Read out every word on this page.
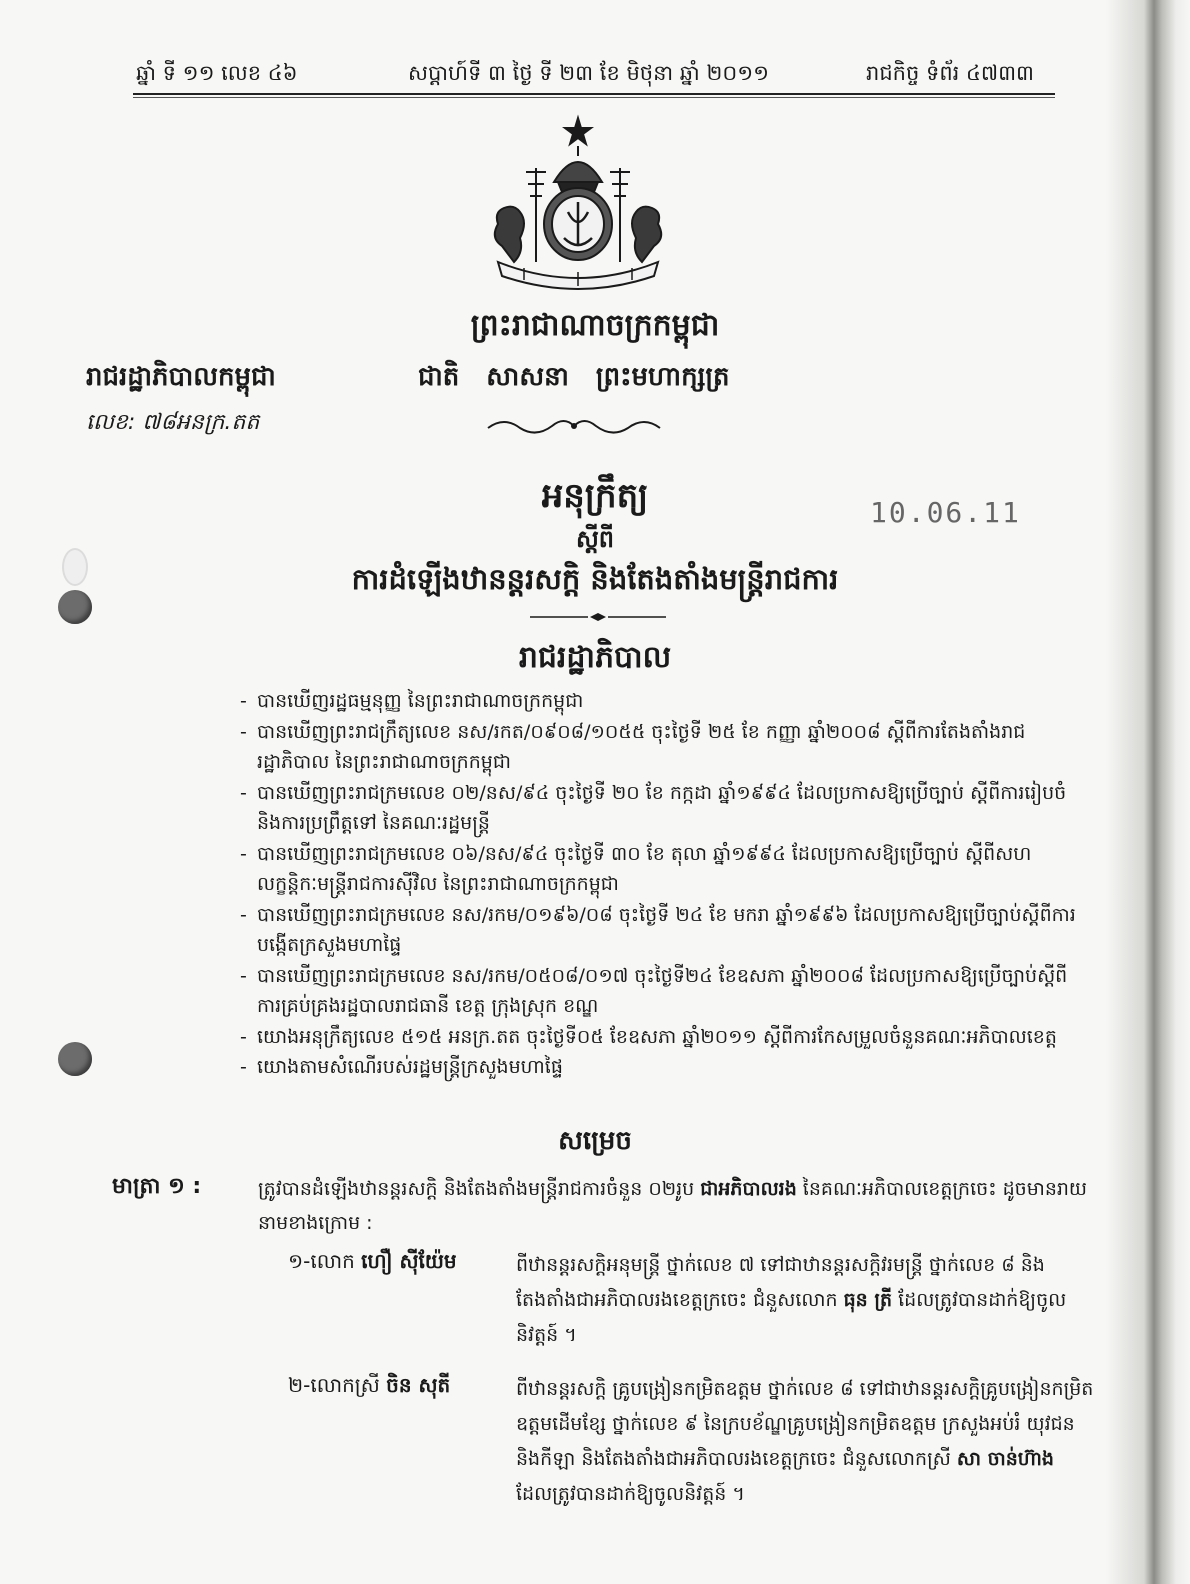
ឆ្នាំ ទី ១១ លេខ ៤៦	សប្ដាហ៍ទី ៣ ថ្ងៃ ទី ២៣ ខែ មិថុនា ឆ្នាំ ២០១១	រាជកិច្ច ទំព័រ ៤៧៣៣
ព្រះរាជាណាចក្រកម្ពុជា
រាជរដ្ឋាភិបាលកម្ពុជា	ជាតិ សាសនា ព្រះមហាក្សត្រ
លេខ: ៧៨អនក្រ.តត
10.06.11
អនុក្រឹត្យ
ស្ដីពី
ការដំឡើងឋានន្តរសក្តិ និងតែងតាំងមន្រ្តីរាជការ
រាជរដ្ឋាភិបាល
- បានឃើញរដ្ឋធម្មនុញ្ញ នៃព្រះរាជាណាចក្រកម្ពុជា
- បានឃើញព្រះរាជក្រឹត្យលេខ នស/រកត/០៩០៨/១០៥៥ ចុះថ្ងៃទី ២៥ ខែ កញ្ញា ឆ្នាំ២០០៨ ស្តីពីការតែងតាំងរាជរដ្ឋាភិបាល នៃព្រះរាជាណាចក្រកម្ពុជា
- បានឃើញព្រះរាជក្រមលេខ ០២/នស/៩៤ ចុះថ្ងៃទី ២០ ខែ កក្កដា ឆ្នាំ១៩៩៤ ដែលប្រកាសឱ្យប្រើច្បាប់ ស្តីពីការរៀបចំ និងការប្រព្រឹត្តទៅ នៃគណៈរដ្ឋមន្ត្រី
- បានឃើញព្រះរាជក្រមលេខ ០៦/នស/៩៤ ចុះថ្ងៃទី ៣០ ខែ តុលា ឆ្នាំ១៩៩៤ ដែលប្រកាសឱ្យប្រើច្បាប់ ស្តីពីសហលក្ខន្តិកៈមន្ត្រីរាជការស៊ីវិល នៃព្រះរាជាណាចក្រកម្ពុជា
- បានឃើញព្រះរាជក្រមលេខ នស/រកម/០១៩៦/០៨ ចុះថ្ងៃទី ២៤ ខែ មករា ឆ្នាំ១៩៩៦ ដែលប្រកាសឱ្យប្រើច្បាប់ស្តីពីការបង្កើតក្រសួងមហាផ្ទៃ
- បានឃើញព្រះរាជក្រមលេខ នស/រកម/០៥០៨/០១៧ ចុះថ្ងៃទី២៤ ខែឧសភា ឆ្នាំ២០០៨ ដែលប្រកាសឱ្យប្រើច្បាប់ស្តីពីការគ្រប់គ្រងរដ្ឋបាលរាជធានី ខេត្ត ក្រុងស្រុក ខណ្ឌ
- យោងអនុក្រឹត្យលេខ ៥១៥ អនក្រ.តត ចុះថ្ងៃទី០៥ ខែឧសភា ឆ្នាំ២០១១ ស្តីពីការកែសម្រួលចំនួនគណៈអភិបាលខេត្ត
- យោងតាមសំណើរបស់រដ្ឋមន្ត្រីក្រសួងមហាផ្ទៃ
សម្រេច
មាត្រា ១ :	ត្រូវបានដំឡើងឋានន្តរសក្តិ និងតែងតាំងមន្ត្រីរាជការចំនួន ០២រូប ជាអភិបាលរង នៃគណៈអភិបាលខេត្តក្រចេះ ដូចមានរាយនាមខាងក្រោម :
១-លោក ហឿ ស៊ីយ៉ែម	ពីឋានន្តរសក្តិអនុមន្ត្រី ថ្នាក់លេខ ៧ ទៅជាឋានន្តរសក្តិវរមន្ត្រី ថ្នាក់លេខ ៨ និងតែងតាំងជាអភិបាលរងខេត្តក្រចេះ ជំនួសលោក ធុន ត្រី ដែលត្រូវបានដាក់ឱ្យចូលនិវត្តន៍ ។
២-លោកស្រី ចិន សុតី	ពីឋានន្តរសក្តិ គ្រូបង្រៀនកម្រិតឧត្តម ថ្នាក់លេខ ៨ ទៅជាឋានន្តរសក្តិគ្រូបង្រៀនកម្រិតឧត្តមដើមខ្សែ ថ្នាក់លេខ ៩ នៃក្របខ័ណ្ឌគ្រូបង្រៀនកម្រិតឧត្តម ក្រសួងអប់រំ យុវជន និងកីឡា និងតែងតាំងជាអភិបាលរងខេត្តក្រចេះ ជំនួសលោកស្រី សា ចាន់ហ៊ាង ដែលត្រូវបានដាក់ឱ្យចូលនិវត្តន៍ ។
